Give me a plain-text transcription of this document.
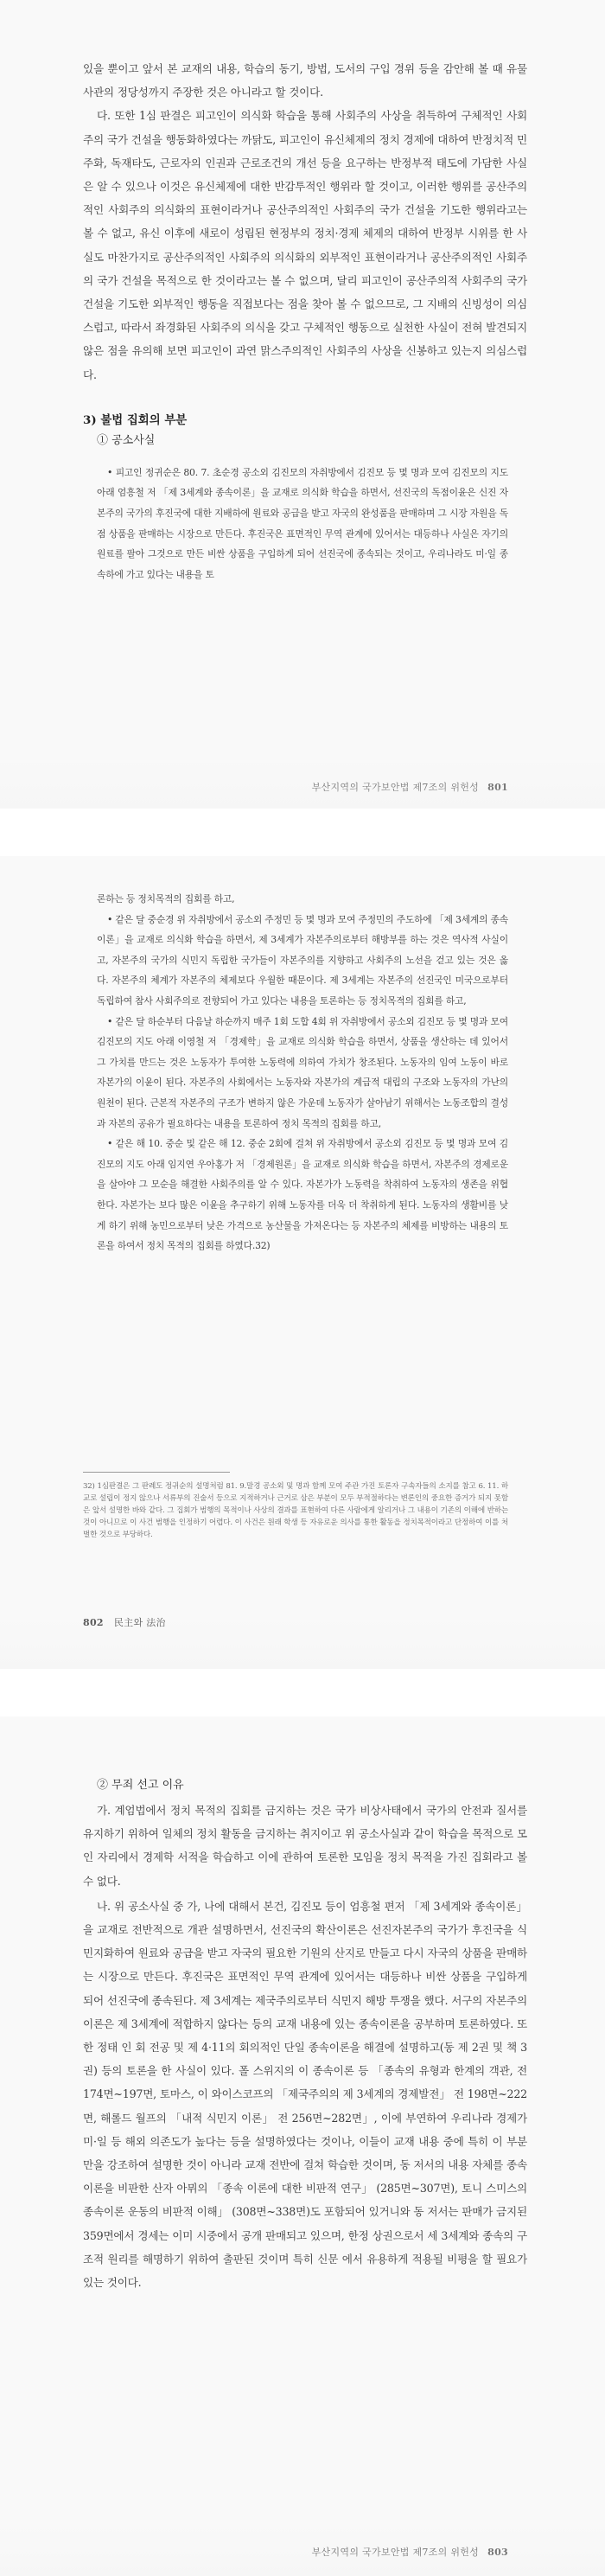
있을 뿐이고 앞서 본 교재의 내용, 학습의 동기, 방법, 도서의 구입 경위 등을 감안해 볼 때 유물 사관의 정당성까지 주장한 것은 아니라고 할 것이다.

다. 또한 1심 판결은 피고인이 의식화 학습을 통해 사회주의 사상을 취득하여 구체적인 사회주의 국가 건설을 행동화하였다는 까닭도, 피고인이 유신체제의 정치 경제에 대하여 반정치적 민주화, 독재타도, 근로자의 인권과 근로조건의 개선 등을 요구하는 반정부적 태도에 가담한 사실은 알 수 있으나 이것은 유신체제에 대한 반감투적인 행위라 할 것이고, 이러한 행위를 공산주의적인 사회주의 의식화의 표현이라거나 공산주의적인 사회주의 국가 건설을 기도한 행위라고는 볼 수 없고, 유신 이후에 새로이 성립된 현정부의 정치·경제 체제의 대하여 반정부 시위를 한 사실도 마찬가지로 공산주의적인 사회주의 의식화의 외부적인 표현이라거나 공산주의적인 사회주의 국가 건설을 목적으로 한 것이라고는 볼 수 없으며, 달리 피고인이 공산주의적 사회주의 국가 건설을 기도한 외부적인 행동을 직접보다는 점을 찾아 볼 수 없으므로, 그 지배의 신빙성이 의심스럽고, 따라서 좌경화된 사회주의 의식을 갖고 구체적인 행동으로 실천한 사실이 전혀 발견되지 않은 점을 유의해 보면 피고인이 과연 맑스주의적인 사회주의 사상을 신봉하고 있는지 의심스럽다.

3) 불법 집회의 부분
① 공소사실
• 피고인 정귀순은 80. 7. 초순경 공소외 김진모의 자취방에서 김진모 등 몇 명과 모여 김진모의 지도 아래 엄흥철 저 「제 3세계와 종속이론」을 교재로 의식화 학습을 하면서, 선진국의 독점이윤은 신진 자본주의 국가의 후진국에 대한 지배하에 원료와 공급을 받고 자국의 완성품을 판매하며 그 시장 자원을 독점 상품을 판매하는 시장으로 만든다. 후진국은 표면적인 무역 관계에 있어서는 대등하나 사실은 자기의 원료를 팔아 그것으로 만든 비싼 상품을 구입하게 되어 선진국에 종속되는 것이고, 우리나라도 미·일 종속하에 가고 있다는 내용을 토
부산지역의 국가보안법 제7조의 위헌성 801
론하는 등 정치목적의 집회를 하고,
• 같은 달 중순경 위 자취방에서 공소외 주정민 등 몇 명과 모여 주정민의 주도하에 「제 3세계의 종속 이론」을 교재로 의식화 학습을 하면서, 제 3세계가 자본주의로부터 해방부를 하는 것은 역사적 사실이고, 자본주의 국가의 식민지 독립한 국가들이 자본주의를 지향하고 사회주의 노선을 걷고 있는 것은 옳다. 자본주의 체계가 자본주의 체제보다 우월한 때문이다. 제 3세계는 자본주의 선진국인 미국으로부터 독립하여 참사 사회주의로 전향되어 가고 있다는 내용을 토론하는 등 정치목적의 집회를 하고,
• 같은 달 하순부터 다음날 하순까지 매주 1회 도합 4회 위 자취방에서 공소외 김진모 등 몇 명과 모여 김진모의 지도 아래 이영철 저 「경제학」을 교재로 의식화 학습을 하면서, 상품을 생산하는 데 있어서 그 가치를 만드는 것은 노동자가 투여한 노동력에 의하여 가치가 창조된다. 노동자의 임여 노동이 바로 자본가의 이윤이 된다. 자본주의 사회에서는 노동자와 자본가의 계급적 대립의 구조와 노동자의 가난의 원천이 된다. 근본적 자본주의 구조가 변하지 않은 가운데 노동자가 살아남기 위해서는 노동조합의 결성과 자본의 공유가 필요하다는 내용을 토론하여 정치 목적의 집회를 하고,
• 같은 해 10. 중순 및 같은 해 12. 중순 2회에 걸쳐 위 자취방에서 공소외 김진모 등 몇 명과 모여 김진모의 지도 아래 임지연 우아홍가 저 「경제원론」을 교재로 의식화 학습을 하면서, 자본주의 경제로운을 살아야 그 모순을 해결한 사회주의를 알 수 있다. 자본가가 노동력을 착취하여 노동자의 생존을 위협한다. 자본가는 보다 많은 이윤을 추구하기 위해 노동자를 더욱 더 착취하게 된다. 노동자의 생활비를 낮게 하기 위해 농민으로부터 낮은 가격으로 농산물을 가져온다는 등 자본주의 체제를 비방하는 내용의 토론을 하여서 정치 목적의 집회를 하였다.32)
32) 1심판결은 그 판례도 정귀순의 설명처럼 81. 9.말경 공소외 및 명과 함께 모여 주관 가진 토론자 구속자들의 소지를 참고 6. 11. 하교로 설립이 정지 않으나 서류부의 진술서 등으로 지적하거나 근거로 삼은 부분이 모두 부적절하다는 변론인의 중요한 증거가 되지 못함은 앞서 설명한 바와 같다. 그 집회가 범행의 목적이나 사상의 결과를 표현하여 다른 사람에게 알리거나 그 내용이 기존의 이해에 반하는 것이 아니므로 이 사건 범행을 인정하기 어렵다. 이 사건은 원래 학생 등 자유로운 의사를 통한 활동을 정치목적이라고 단정하여 이를 처벌한 것으로 부당하다.
802 民主와 法治
② 무죄 선고 이유

가. 계엄법에서 정치 목적의 집회를 금지하는 것은 국가 비상사태에서 국가의 안전과 질서를 유지하기 위하여 일체의 정치 활동을 금지하는 취지이고 위 공소사실과 같이 학습을 목적으로 모인 자리에서 경제학 서적을 학습하고 이에 관하여 토론한 모임을 정치 목적을 가진 집회라고 볼 수 없다.

나. 위 공소사실 중 가, 나에 대해서 본건, 김진모 등이 엄흥철 편저 「제 3세계와 종속이론」을 교재로 전반적으로 개관 설명하면서, 선진국의 확산이론은 선진자본주의 국가가 후진국을 식민지화하여 원료와 공급을 받고 자국의 필요한 기원의 산지로 만들고 다시 자국의 상품을 판매하는 시장으로 만든다. 후진국은 표면적인 무역 관계에 있어서는 대등하나 비싼 상품을 구입하게 되어 선진국에 종속된다. 제 3세계는 제국주의로부터 식민지 해방 투쟁을 했다. 서구의 자본주의 이론은 제 3세계에 적합하지 않다는 등의 교재 내용에 있는 종속이론을 공부하며 토론하였다. 또한 정태 인 회 전공 및 제 4·11의 회의적인 단일 종속이론을 해결에 설명하고(동 제 2권 및 책 3권) 등의 토론을 한 사실이 있다. 폴 스위지의 이 종속이론 등 「종속의 유형과 한계의 객관, 전 174면~197면, 토마스, 이 와이스코프의 「제국주의의 제 3세계의 경제발전」 전 198면~222면, 해롤드 월프의 「내적 식민지 이론」 전 256면~282면」, 이에 부연하여 우리나라 경제가 미·일 등 해외 의존도가 높다는 등을 설명하였다는 것이나, 이들이 교재 내용 중에 특히 이 부분만을 강조하여 설명한 것이 아니라 교재 전반에 걸쳐 학습한 것이며, 동 저서의 내용 자체를 종속이론을 비판한 산자 아뮈의 「종속 이론에 대한 비판적 연구」 (285면~307면), 토니 스미스의 종속이론 운동의 비판적 이해」 (308면~338면)도 포함되어 있거니와 동 저서는 판매가 금지된 359면에서 경세는 이미 시중에서 공개 판매되고 있으며, 한정 상권으로서 세 3세계와 종속의 구조적 원리를 해명하기 위하여 출판된 것이며 특히 신문 에서 유용하게 적용될 비평을 할 필요가 있는 것이다.

부산지역의 국가보안법 제7조의 위헌성 803
